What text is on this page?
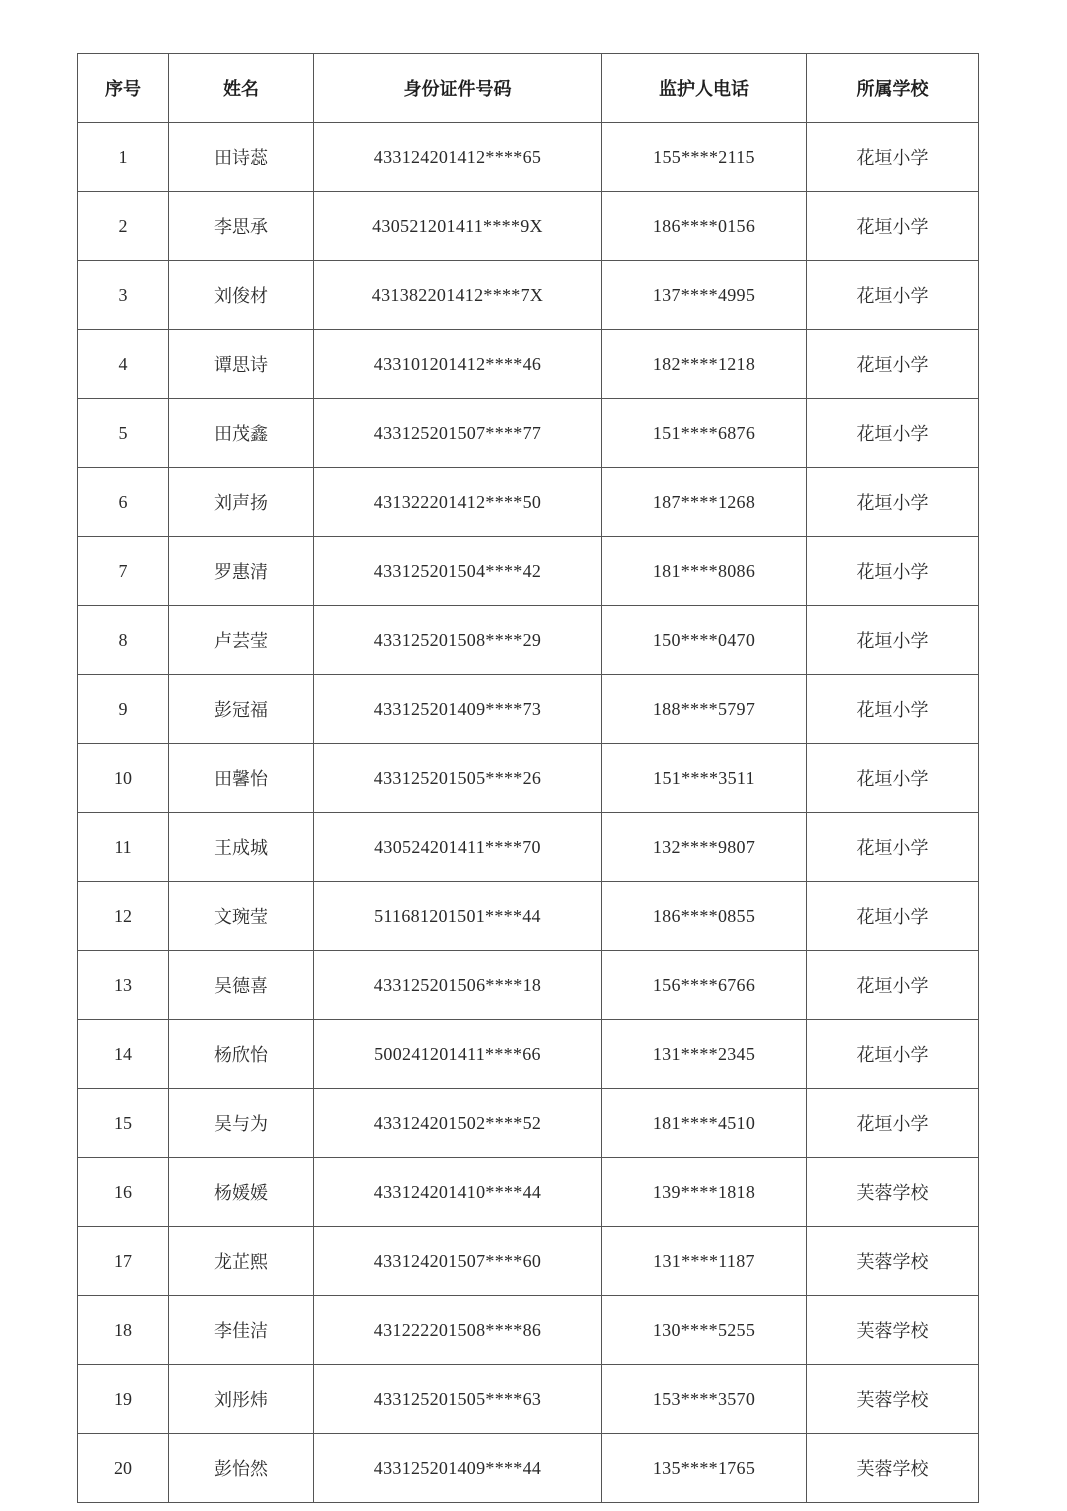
序号	姓名	身份证件号码	监护人电话	所属学校
1	田诗蕊	433124201412****65	155****2115	花垣小学
2	李思承	430521201411****9X	186****0156	花垣小学
3	刘俊材	431382201412****7X	137****4995	花垣小学
4	谭思诗	433101201412****46	182****1218	花垣小学
5	田茂鑫	433125201507****77	151****6876	花垣小学
6	刘声扬	431322201412****50	187****1268	花垣小学
7	罗惠清	433125201504****42	181****8086	花垣小学
8	卢芸莹	433125201508****29	150****0470	花垣小学
9	彭冠福	433125201409****73	188****5797	花垣小学
10	田馨怡	433125201505****26	151****3511	花垣小学
11	王成城	430524201411****70	132****9807	花垣小学
12	文琬莹	511681201501****44	186****0855	花垣小学
13	吴德喜	433125201506****18	156****6766	花垣小学
14	杨欣怡	500241201411****66	131****2345	花垣小学
15	吴与为	433124201502****52	181****4510	花垣小学
16	杨媛媛	433124201410****44	139****1818	芙蓉学校
17	龙芷熙	433124201507****60	131****1187	芙蓉学校
18	李佳洁	431222201508****86	130****5255	芙蓉学校
19	刘彤炜	433125201505****63	153****3570	芙蓉学校
20	彭怡然	433125201409****44	135****1765	芙蓉学校
